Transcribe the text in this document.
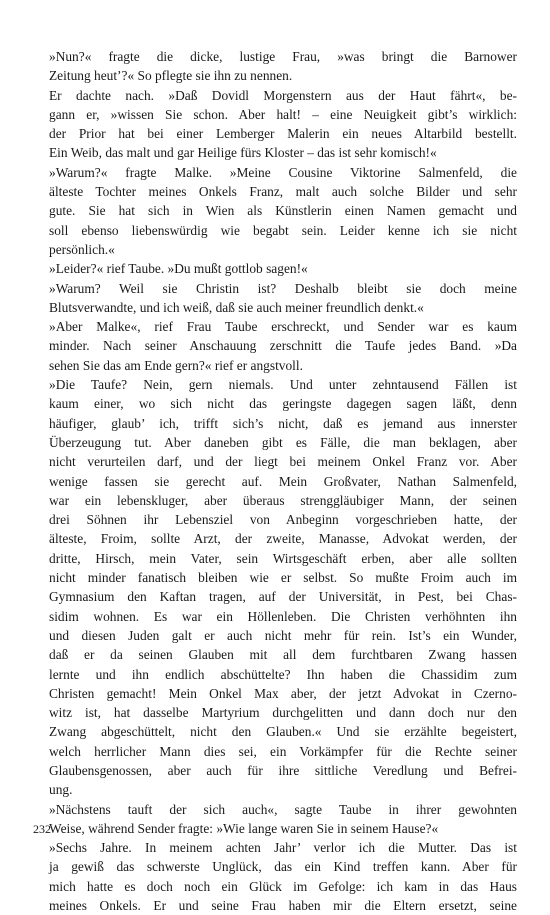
»Nun?« fragte die dicke, lustige Frau, »was bringt die Barnower
Zeitung heut’?« So pflegte sie ihn zu nennen.

Er dachte nach. »Daß Dovidl Morgenstern aus der Haut fährt«, be-
gann er, »wissen Sie schon. Aber halt! – eine Neuigkeit gibt’s wirklich:
der Prior hat bei einer Lemberger Malerin ein neues Altarbild bestellt.
Ein Weib, das malt und gar Heilige fürs Kloster – das ist sehr komisch!«

»Warum?« fragte Malke. »Meine Cousine Viktorine Salmenfeld, die
älteste Tochter meines Onkels Franz, malt auch solche Bilder und sehr
gute. Sie hat sich in Wien als Künstlerin einen Namen gemacht und
soll ebenso liebenswürdig wie begabt sein. Leider kenne ich sie nicht
persönlich.«

»Leider?« rief Taube. »Du mußt gottlob sagen!«

»Warum? Weil sie Christin ist? Deshalb bleibt sie doch meine
Blutsverwandte, und ich weiß, daß sie auch meiner freundlich denkt.«

»Aber Malke«, rief Frau Taube erschreckt, und Sender war es kaum
minder. Nach seiner Anschauung zerschnitt die Taufe jedes Band. »Da
sehen Sie das am Ende gern?« rief er angstvoll.

»Die Taufe? Nein, gern niemals. Und unter zehntausend Fällen ist
kaum einer, wo sich nicht das geringste dagegen sagen läßt, denn
häufiger, glaub’ ich, trifft sich’s nicht, daß es jemand aus innerster
Überzeugung tut. Aber daneben gibt es Fälle, die man beklagen, aber
nicht verurteilen darf, und der liegt bei meinem Onkel Franz vor. Aber
wenige fassen sie gerecht auf. Mein Großvater, Nathan Salmenfeld,
war ein lebenskluger, aber überaus strenggläubiger Mann, der seinen
drei Söhnen ihr Lebensziel von Anbeginn vorgeschrieben hatte, der
älteste, Froim, sollte Arzt, der zweite, Manasse, Advokat werden, der
dritte, Hirsch, mein Vater, sein Wirtsgeschäft erben, aber alle sollten
nicht minder fanatisch bleiben wie er selbst. So mußte Froim auch im
Gymnasium den Kaftan tragen, auf der Universität, in Pest, bei Chas-
sidim wohnen. Es war ein Höllenleben. Die Christen verhöhnten ihn
und diesen Juden galt er auch nicht mehr für rein. Ist’s ein Wunder,
daß er da seinen Glauben mit all dem furchtbaren Zwang hassen
lernte und ihn endlich abschüttelte? Ihn haben die Chassidim zum
Christen gemacht! Mein Onkel Max aber, der jetzt Advokat in Czerno-
witz ist, hat dasselbe Martyrium durchgelitten und dann doch nur den
Zwang abgeschüttelt, nicht den Glauben.« Und sie erzählte begeistert,
welch herrlicher Mann dies sei, ein Vorkämpfer für die Rechte seiner
Glaubensgenossen, aber auch für ihre sittliche Veredlung und Befrei-
ung.

»Nächstens tauft der sich auch«, sagte Taube in ihrer gewohnten
Weise, während Sender fragte: »Wie lange waren Sie in seinem Hause?«

»Sechs Jahre. In meinem achten Jahr’ verlor ich die Mutter. Das ist
ja gewiß das schwerste Unglück, das ein Kind treffen kann. Aber für
mich hatte es doch noch ein Glück im Gefolge: ich kam in das Haus
meines Onkels. Er und seine Frau haben mir die Eltern ersetzt, seine

232
